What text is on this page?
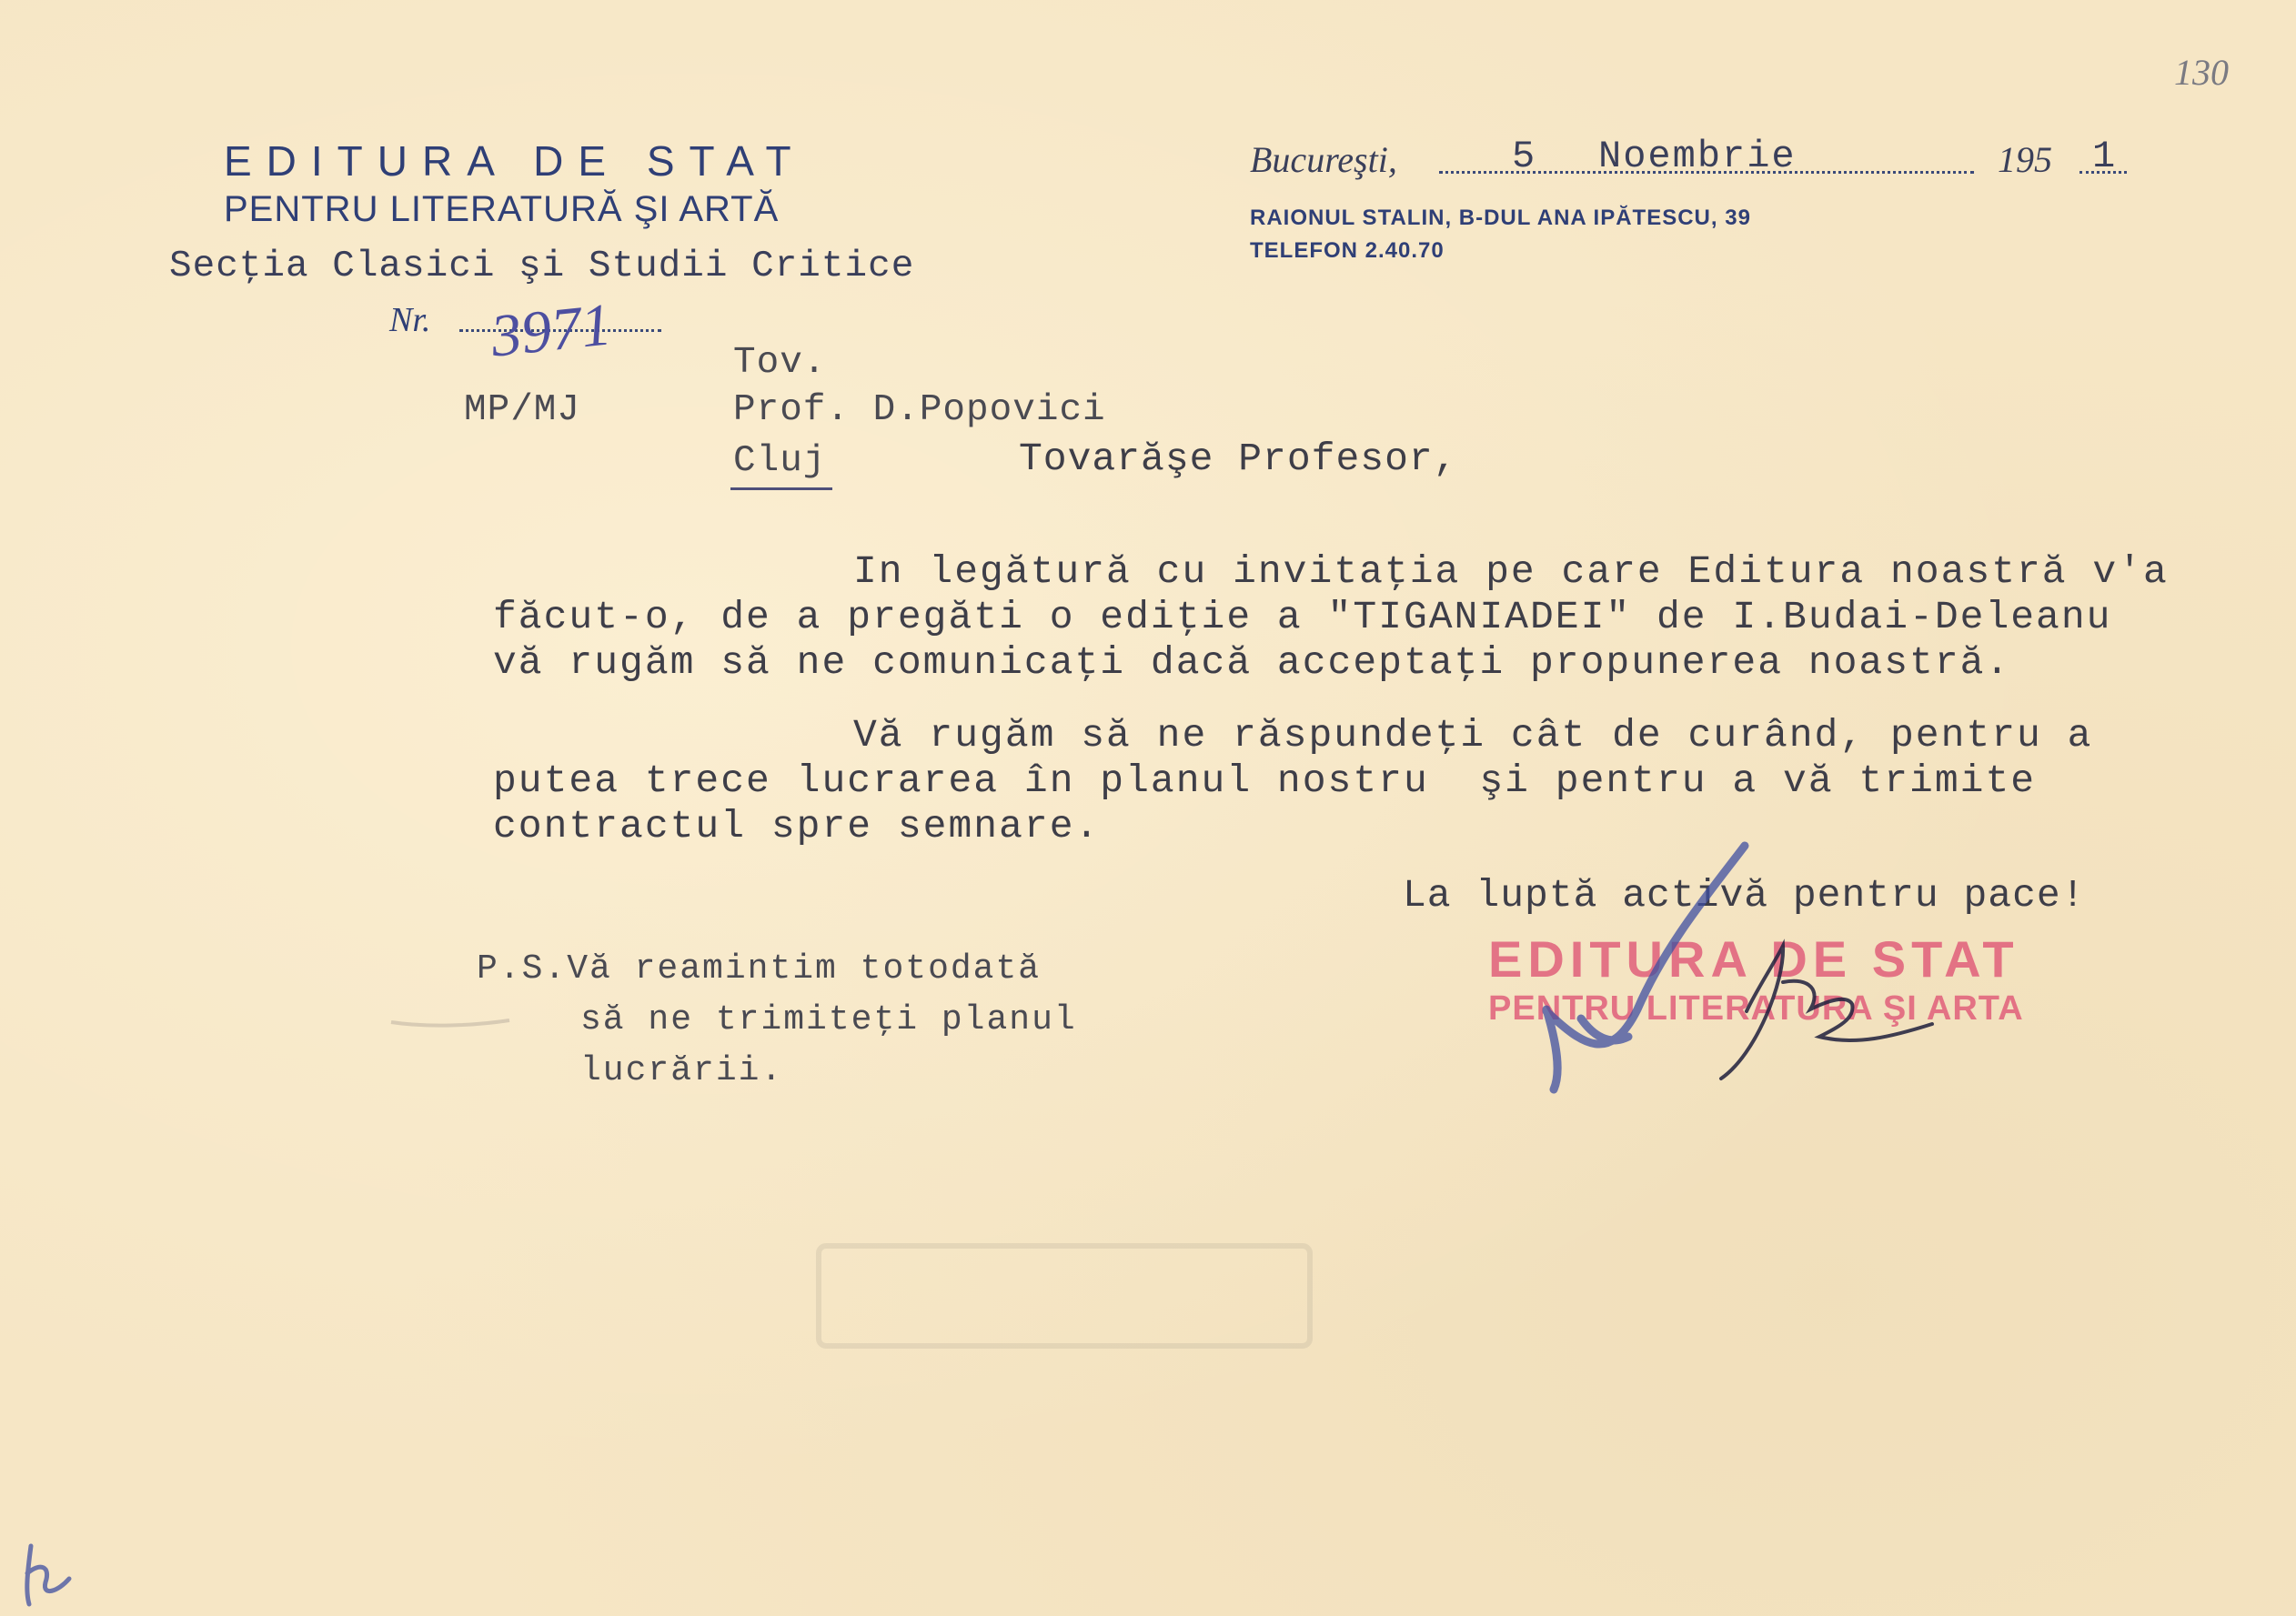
EDITURA DE STAT
PENTRU LITERATURĂ ŞI ARTĂ
Secţia Clasici şi Studii Critice
Nr. 3971
MP/MJ
Bucureşti,	5 Noembrie	195 1
RAIONUL STALIN, B-DUL ANA IPĂTESCU, 39
TELEFON 2.40.70
130
Tov.
Prof. D.Popovici
Cluj	Tovarăşe Profesor,
In legătură cu invitaţia pe care Editura noastră v'a
făcut-o, de a pregăti o ediţie a "TIGANIADEI" de I.Budai-Deleanu
vă rugăm să ne comunicaţi dacă acceptaţi propunerea noastră.
Vă rugăm să ne răspundeţi cât de curând, pentru a
putea trece lucrarea în planul nostru  şi pentru a vă trimite
contractul spre semnare.
La luptă activă pentru pace!
P.S.Vă reamintim totodată
să ne trimiteţi planul
lucrării.
EDITURA DE STAT
PENTRU LITERATURA ŞI ARTA
